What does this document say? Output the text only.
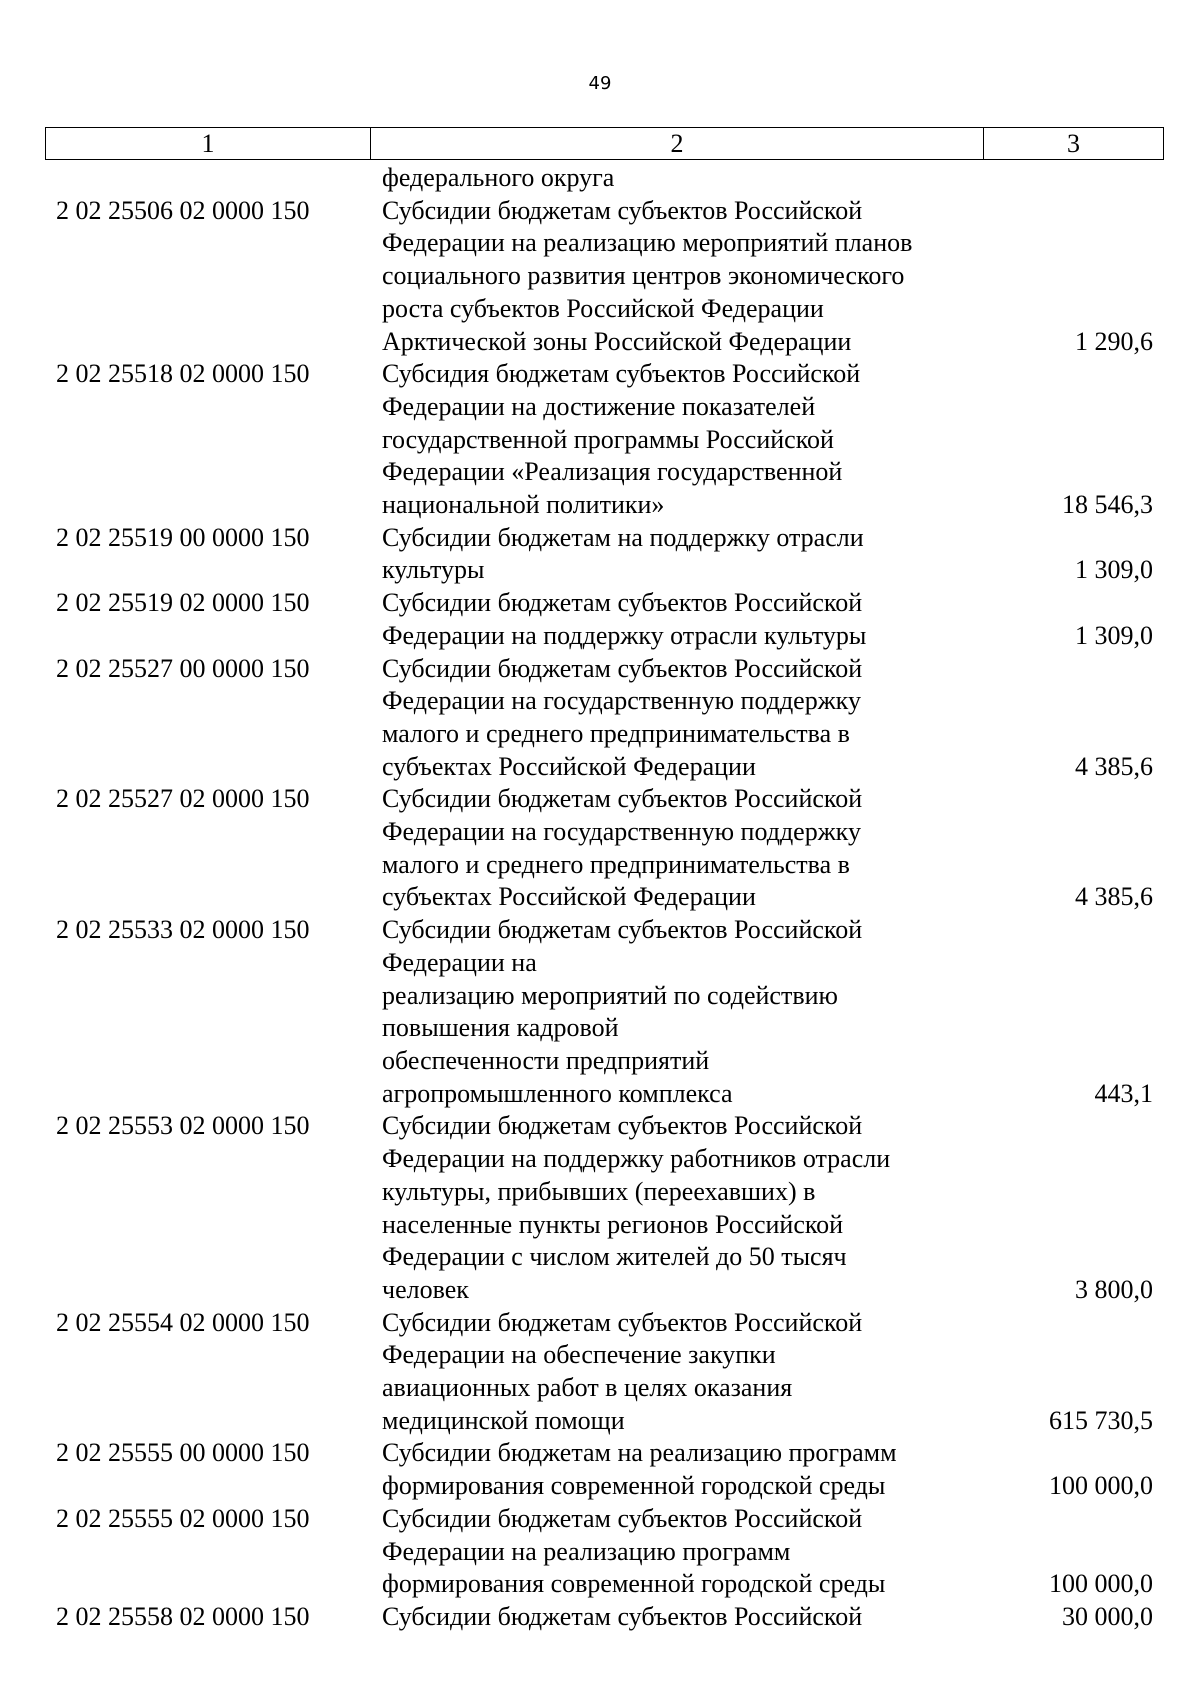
49
1	2	3
федерального округа
2 02 25506 02 0000 150	Субсидии бюджетам субъектов Российской
Федерации на реализацию мероприятий планов
социального развития центров экономического
роста субъектов Российской Федерации
Арктической зоны Российской Федерации	1 290,6
2 02 25518 02 0000 150	Субсидия бюджетам субъектов Российской
Федерации на достижение показателей
государственной программы Российской
Федерации «Реализация государственной
национальной политики»	18 546,3
2 02 25519 00 0000 150	Субсидии бюджетам на поддержку отрасли
культуры	1 309,0
2 02 25519 02 0000 150	Субсидии бюджетам субъектов Российской
Федерации на поддержку отрасли культуры	1 309,0
2 02 25527 00 0000 150	Субсидии бюджетам субъектов Российской
Федерации на государственную поддержку
малого и среднего предпринимательства в
субъектах Российской Федерации	4 385,6
2 02 25527 02 0000 150	Субсидии бюджетам субъектов Российской
Федерации на государственную поддержку
малого и среднего предпринимательства в
субъектах Российской Федерации	4 385,6
2 02 25533 02 0000 150	Субсидии бюджетам субъектов Российской
Федерации на
реализацию мероприятий по содействию
повышения кадровой
обеспеченности предприятий
агропромышленного комплекса	443,1
2 02 25553 02 0000 150	Субсидии бюджетам субъектов Российской
Федерации на поддержку работников отрасли
культуры, прибывших (переехавших) в
населенные пункты регионов Российской
Федерации с числом жителей до 50 тысяч
человек	3 800,0
2 02 25554 02 0000 150	Субсидии бюджетам субъектов Российской
Федерации на обеспечение закупки
авиационных работ в целях оказания
медицинской помощи	615 730,5
2 02 25555 00 0000 150	Субсидии бюджетам на реализацию программ
формирования современной городской среды	100 000,0
2 02 25555 02 0000 150	Субсидии бюджетам субъектов Российской
Федерации на реализацию программ
формирования современной городской среды	100 000,0
2 02 25558 02 0000 150	Субсидии бюджетам субъектов Российской	30 000,0
